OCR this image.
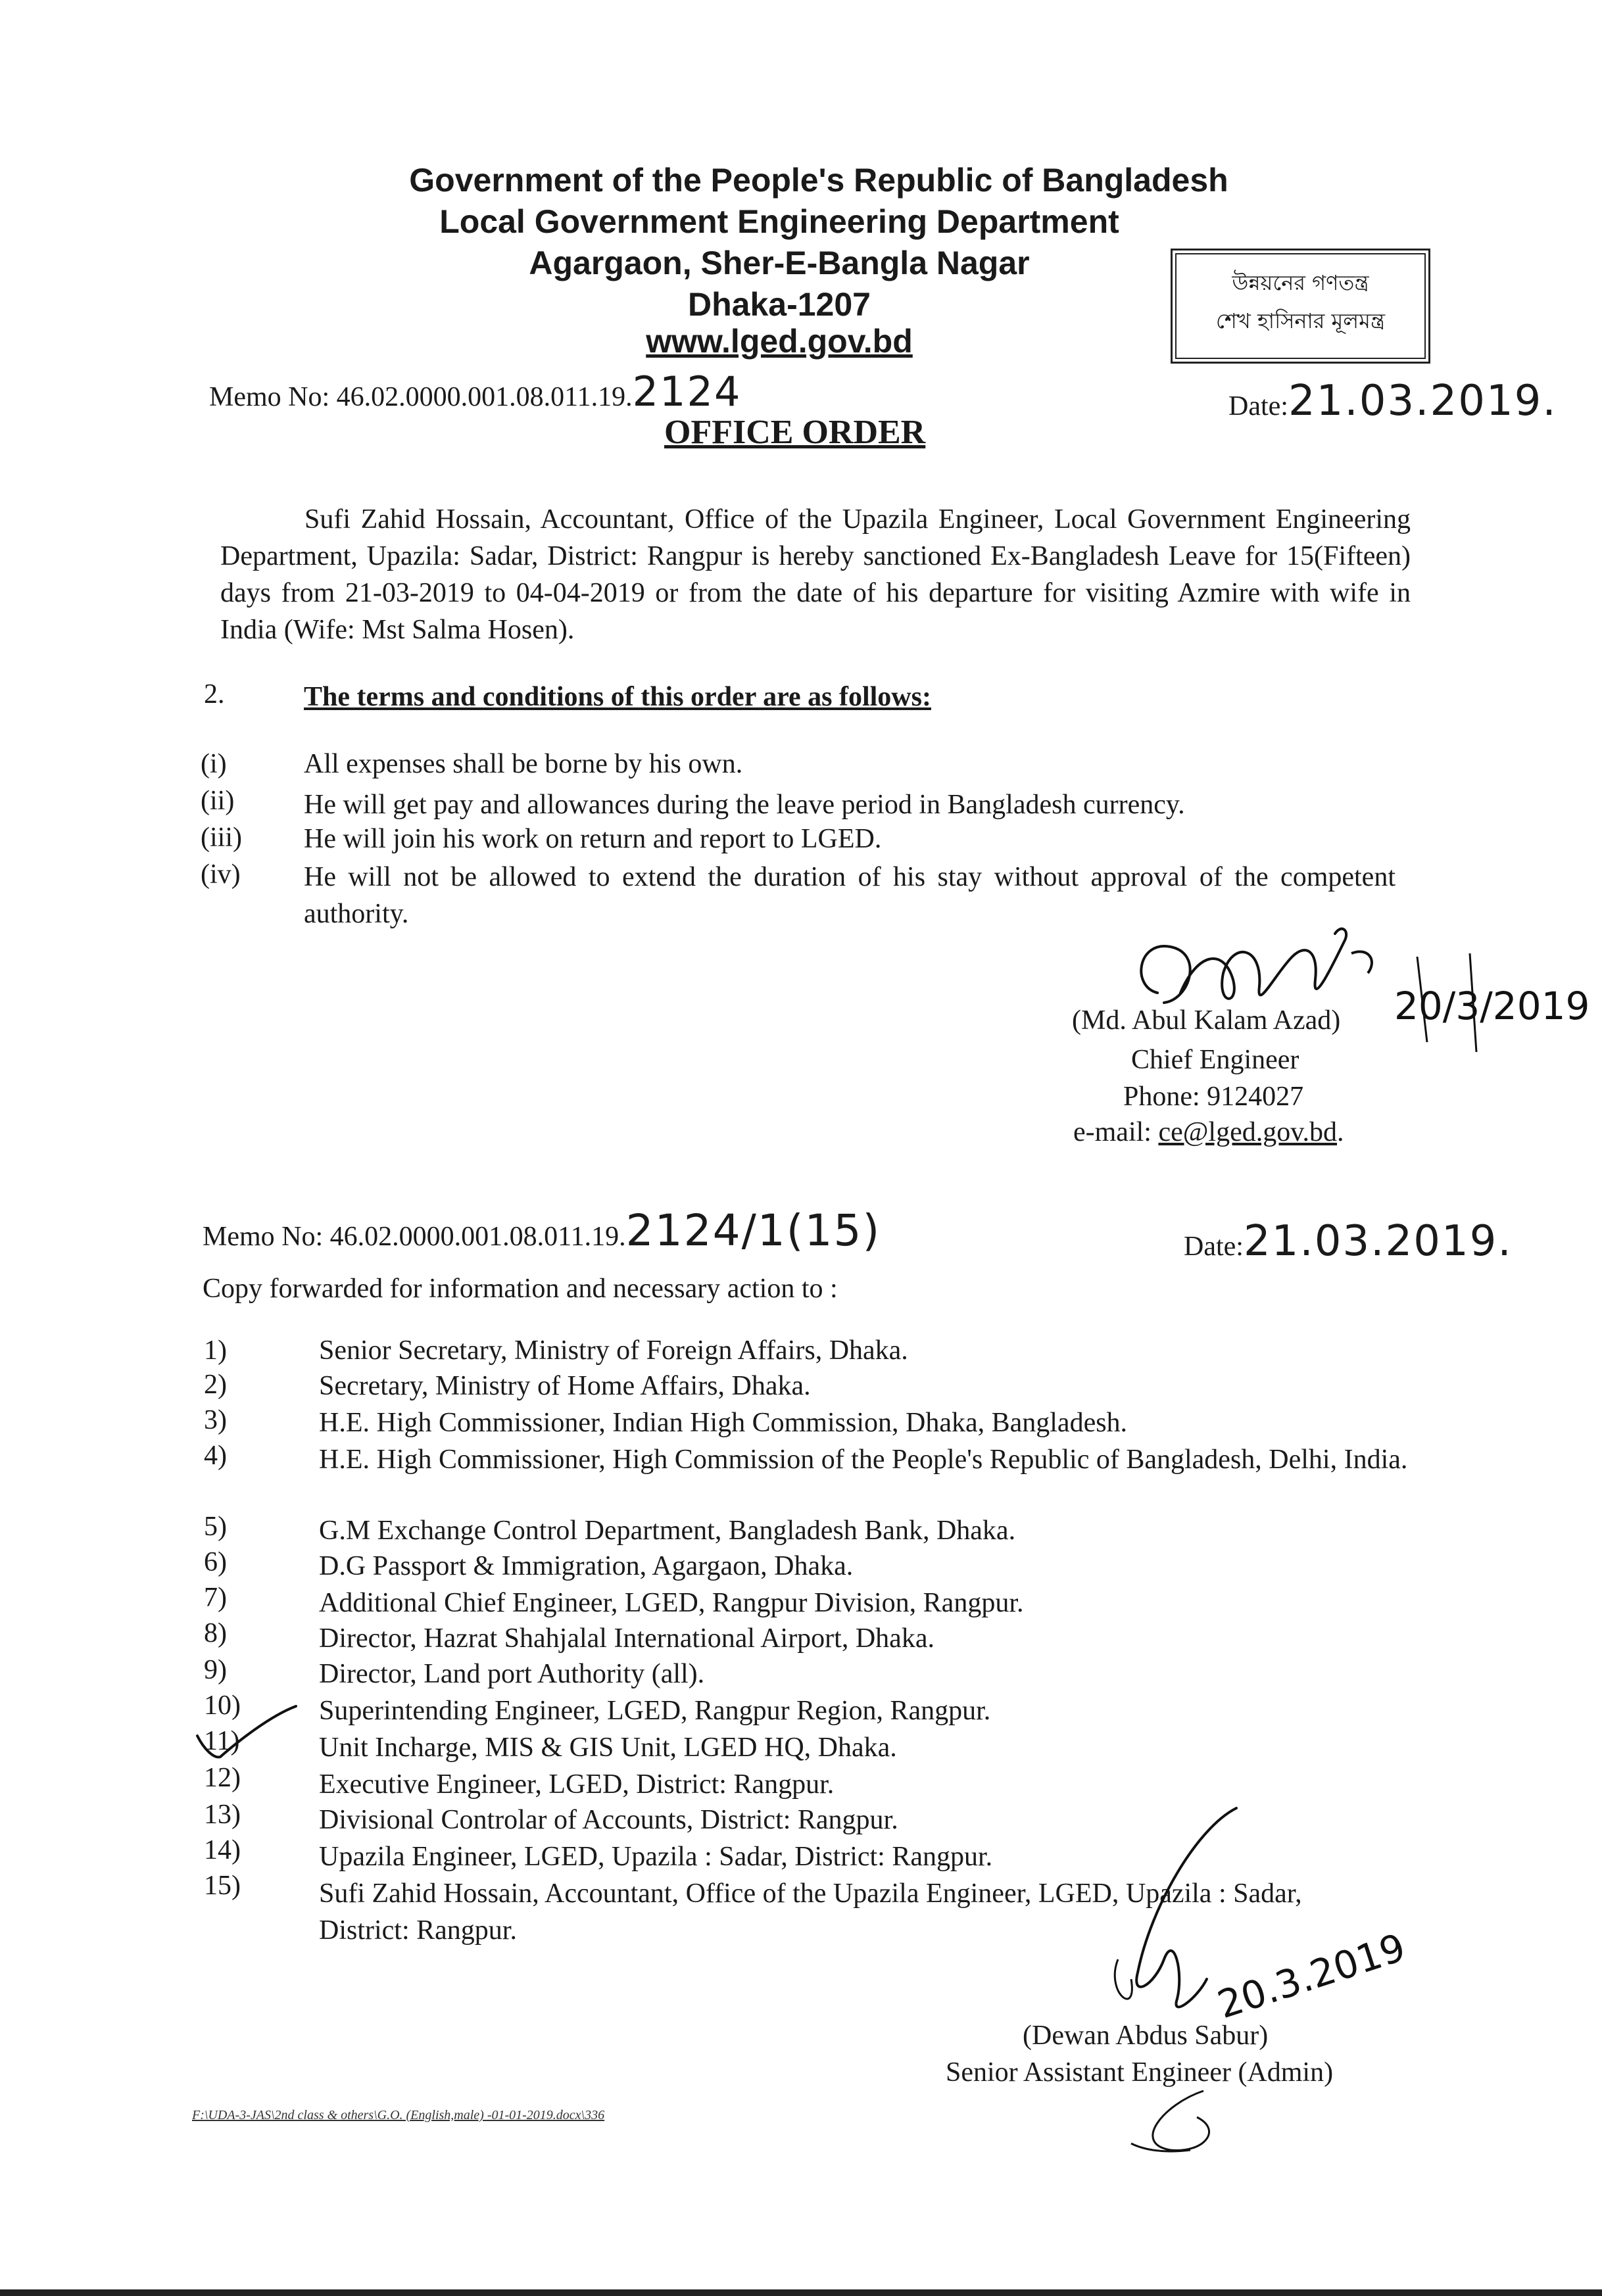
Government of the People's Republic of Bangladesh
Local Government Engineering Department
Agargaon, Sher-E-Bangla Nagar
Dhaka-1207
www.lged.gov.bd
উন্নয়নের গণতন্ত্র
শেখ হাসিনার মূলমন্ত্র
Memo No: 46.02.0000.001.08.011.19.2124	Date:21.03.2019.
OFFICE ORDER
Sufi Zahid Hossain, Accountant, Office of the Upazila Engineer, Local Government Engineering Department, Upazila: Sadar, District: Rangpur is hereby sanctioned Ex-Bangladesh Leave for 15(Fifteen) days from 21-03-2019 to 04-04-2019 or from the date of his departure for visiting Azmire with wife in India (Wife: Mst Salma Hosen).
2.	The terms and conditions of this order are as follows:
(i)	All expenses shall be borne by his own.
(ii)	He will get pay and allowances during the leave period in Bangladesh currency.
(iii) He will join his work on return and report to LGED.
(iv) He will not be allowed to extend the duration of his stay without approval of the competent authority.
20/3/2019
(Md. Abul Kalam Azad)
Chief Engineer
Phone: 9124027
e-mail: ce@lged.gov.bd.
Memo No: 46.02.0000.001.08.011.19.2124/1(15)	Date:21.03.2019.
Copy forwarded for information and necessary action to :
1)	Senior Secretary, Ministry of Foreign Affairs, Dhaka.
2)	Secretary, Ministry of Home Affairs, Dhaka.
3)	H.E. High Commissioner, Indian High Commission, Dhaka, Bangladesh.
4)	H.E. High Commissioner, High Commission of the People's Republic of Bangladesh, Delhi, India.
5)	G.M Exchange Control Department, Bangladesh Bank, Dhaka.
6)	D.G Passport & Immigration, Agargaon, Dhaka.
7)	Additional Chief Engineer, LGED, Rangpur Division, Rangpur.
8)	Director, Hazrat Shahjalal International Airport, Dhaka.
9)	Director, Land port Authority (all).
10)	Superintending Engineer, LGED, Rangpur Region, Rangpur.
11)	Unit Incharge, MIS & GIS Unit, LGED HQ, Dhaka.
12)	Executive Engineer, LGED, District: Rangpur.
13)	Divisional Controlar of Accounts, District: Rangpur.
14)	Upazila Engineer, LGED, Upazila : Sadar, District: Rangpur.
15)	Sufi Zahid Hossain, Accountant, Office of the Upazila Engineer, LGED, Upazila : Sadar, District: Rangpur.	20.3.2019
(Dewan Abdus Sabur)
Senior Assistant Engineer (Admin)
F:\UDA-3-JAS\2nd class & others\G.O. (English,male) -01-01-2019.docx\336
